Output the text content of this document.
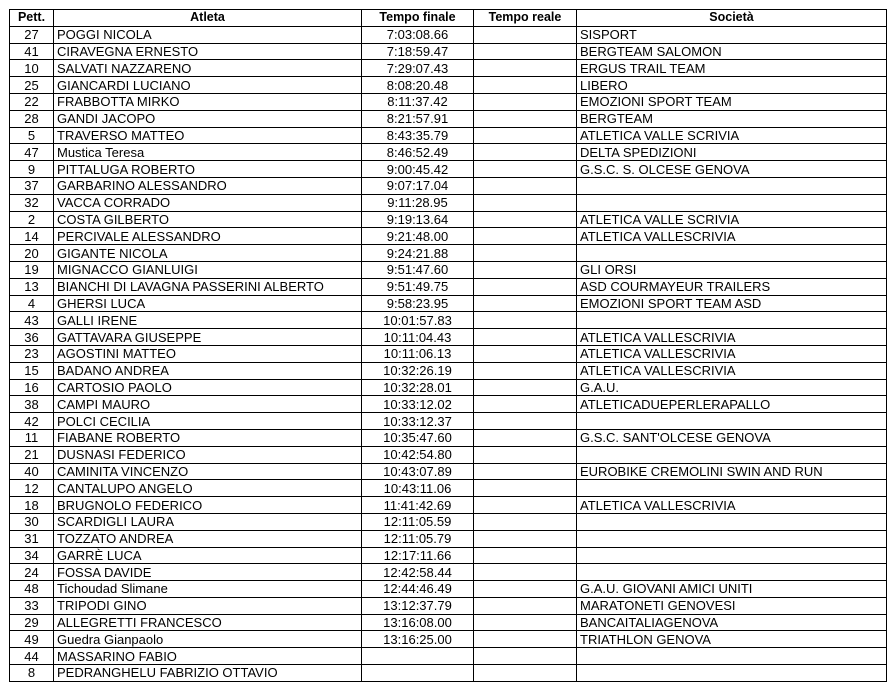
Pett.	Atleta	Tempo finale	Tempo reale	Società
27	POGGI NICOLA	7:03:08.66		SISPORT
41	CIRAVEGNA ERNESTO	7:18:59.47		BERGTEAM SALOMON
10	SALVATI NAZZARENO	7:29:07.43		ERGUS TRAIL TEAM
25	GIANCARDI LUCIANO	8:08:20.48		LIBERO
22	FRABBOTTA MIRKO	8:11:37.42		EMOZIONI SPORT TEAM
28	GANDI JACOPO	8:21:57.91		BERGTEAM
5	TRAVERSO MATTEO	8:43:35.79		ATLETICA VALLE SCRIVIA
47	Mustica Teresa	8:46:52.49		DELTA SPEDIZIONI
9	PITTALUGA ROBERTO	9:00:45.42		G.S.C. S. OLCESE GENOVA
37	GARBARINO ALESSANDRO	9:07:17.04		
32	VACCA CORRADO	9:11:28.95		
2	COSTA GILBERTO	9:19:13.64		ATLETICA VALLE SCRIVIA
14	PERCIVALE ALESSANDRO	9:21:48.00		ATLETICA VALLESCRIVIA
20	GIGANTE NICOLA	9:24:21.88		
19	MIGNACCO GIANLUIGI	9:51:47.60		GLI ORSI
13	BIANCHI DI LAVAGNA PASSERINI ALBERTO	9:51:49.75		ASD COURMAYEUR TRAILERS
4	GHERSI LUCA	9:58:23.95		EMOZIONI SPORT TEAM ASD
43	GALLI IRENE	10:01:57.83		
36	GATTAVARA GIUSEPPE	10:11:04.43		ATLETICA VALLESCRIVIA
23	AGOSTINI MATTEO	10:11:06.13		ATLETICA VALLESCRIVIA
15	BADANO ANDREA	10:32:26.19		ATLETICA VALLESCRIVIA
16	CARTOSIO PAOLO	10:32:28.01		G.A.U.
38	CAMPI MAURO	10:33:12.02		ATLETICADUEPERLERAPALLO
42	POLCI CECILIA	10:33:12.37		
11	FIABANE ROBERTO	10:35:47.60		G.S.C. SANT'OLCESE GENOVA
21	DUSNASI FEDERICO	10:42:54.80		
40	CAMINITA VINCENZO	10:43:07.89		EUROBIKE CREMOLINI SWIN AND RUN
12	CANTALUPO ANGELO	10:43:11.06		
18	BRUGNOLO FEDERICO	11:41:42.69		ATLETICA VALLESCRIVIA
30	SCARDIGLI LAURA	12:11:05.59		
31	TOZZATO ANDREA	12:11:05.79		
34	GARRÈ LUCA	12:17:11.66		
24	FOSSA DAVIDE	12:42:58.44		
48	Tichoudad Slimane	12:44:46.49		G.A.U. GIOVANI AMICI UNITI
33	TRIPODI GINO	13:12:37.79		MARATONETI GENOVESI
29	ALLEGRETTI FRANCESCO	13:16:08.00		BANCAITALIAGENOVA
49	Guedra Gianpaolo	13:16:25.00		TRIATHLON GENOVA
44	MASSARINO FABIO			
8	PEDRANGHELU FABRIZIO OTTAVIO			
